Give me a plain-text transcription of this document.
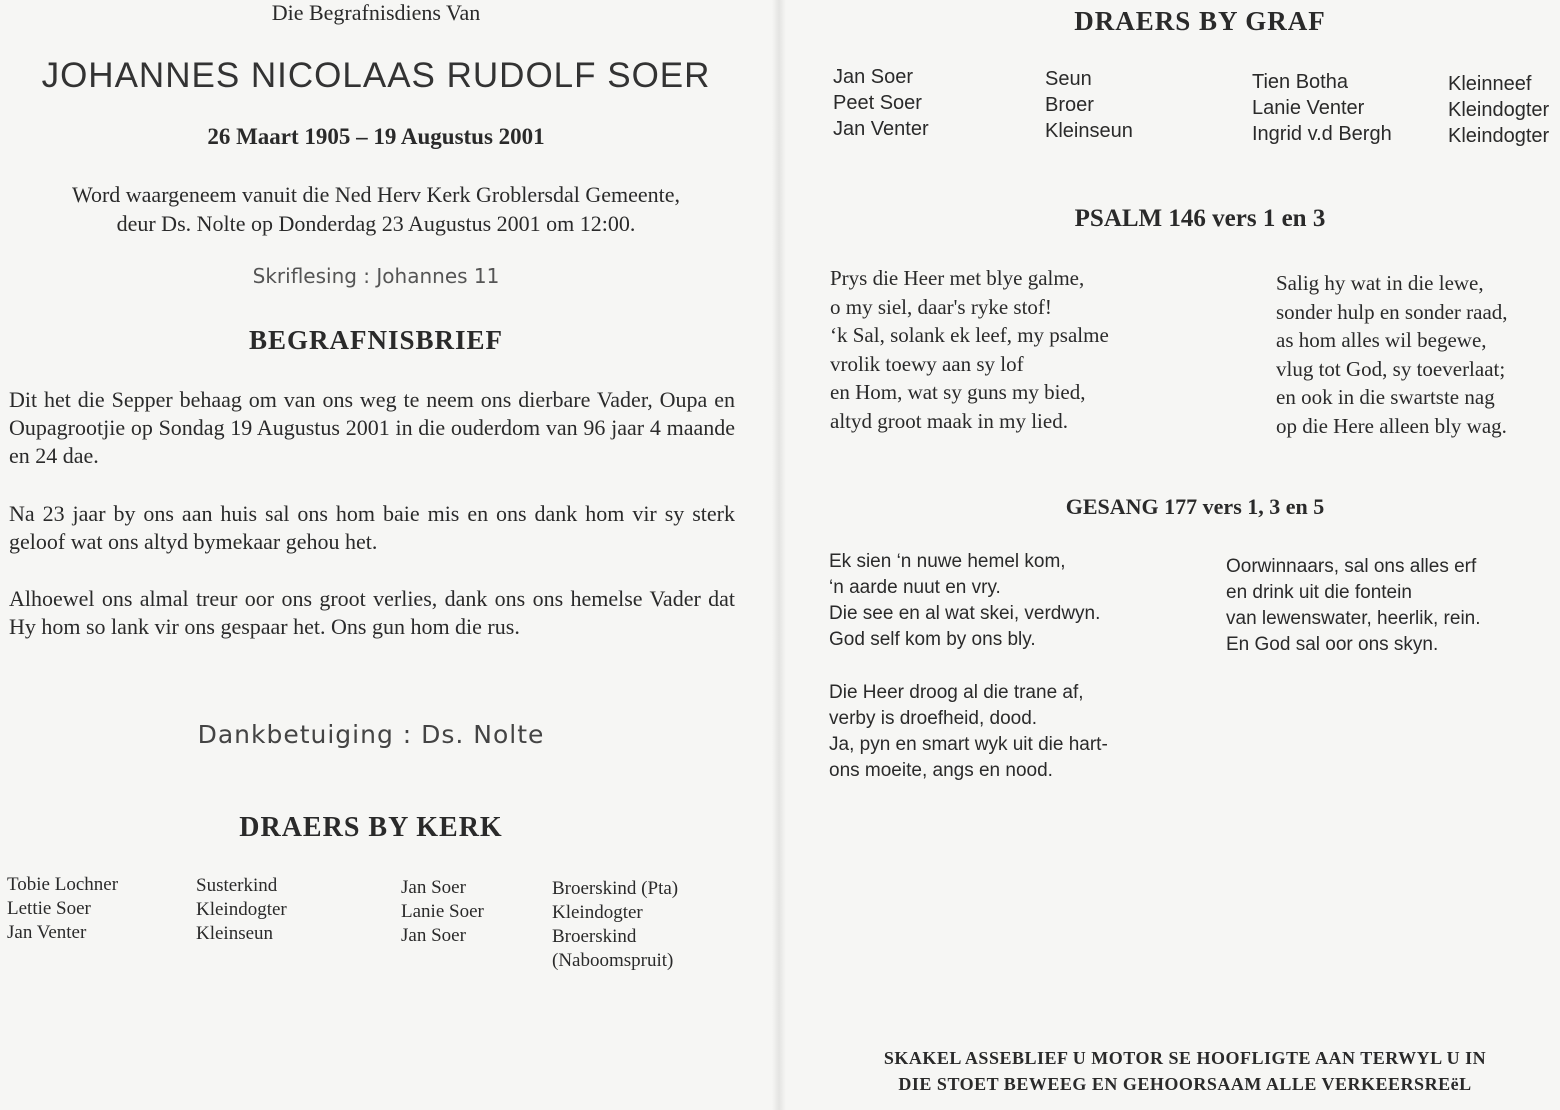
Die Begrafnisdiens Van
JOHANNES NICOLAAS RUDOLF SOER
26 Maart 1905 – 19 Augustus 2001
Word waargeneem vanuit die Ned Herv Kerk Groblersdal Gemeente,
deur Ds. Nolte op Donderdag 23 Augustus 2001 om 12:00.
Skriflesing : Johannes 11
BEGRAFNISBRIEF
Dit het die Sepper behaag om van ons weg te neem ons dierbare Vader, Oupa en Oupagrootjie op Sondag 19 Augustus 2001 in die ouderdom van 96 jaar 4 maande en 24 dae.
Na 23 jaar by ons aan huis sal ons hom baie mis en ons dank hom vir sy sterk geloof wat ons altyd bymekaar gehou het.
Alhoewel ons almal treur oor ons groot verlies, dank ons ons hemelse Vader dat Hy hom so lank vir ons gespaar het. Ons gun hom die rus.
Dankbetuiging : Ds. Nolte
DRAERS BY KERK
Tobie Lochner
Lettie Soer
Jan Venter
Susterkind
Kleindogter
Kleinseun
Jan Soer
Lanie Soer
Jan Soer
Broerskind (Pta)
Kleindogter
Broerskind
(Naboomspruit)
DRAERS BY GRAF
Jan Soer
Peet Soer
Jan Venter
Seun
Broer
Kleinseun
Tien Botha
Lanie Venter
Ingrid v.d Bergh
Kleinneef
Kleindogter
Kleindogter
PSALM 146 vers 1 en 3
Prys die Heer met blye galme,
o my siel, daar's ryke stof!
‘k Sal, solank ek leef, my psalme
vrolik toewy aan sy lof
en Hom, wat sy guns my bied,
altyd groot maak in my lied.
Salig hy wat in die lewe,
sonder hulp en sonder raad,
as hom alles wil begewe,
vlug tot God, sy toeverlaat;
en ook in die swartste nag
op die Here alleen bly wag.
GESANG 177 vers 1, 3 en 5
Ek sien ‘n nuwe hemel kom,
‘n aarde nuut en vry.
Die see en al wat skei, verdwyn.
God self kom by ons bly.
Die Heer droog al die trane af,
verby is droefheid, dood.
Ja, pyn en smart wyk uit die hart-
ons moeite, angs en nood.
Oorwinnaars, sal ons alles erf
en drink uit die fontein
van lewenswater, heerlik, rein.
En God sal oor ons skyn.
SKAKEL ASSEBLIEF U MOTOR SE HOOFLIGTE AAN TERWYL U IN
DIE STOET BEWEEG EN GEHOORSAAM ALLE VERKEERSREëL
